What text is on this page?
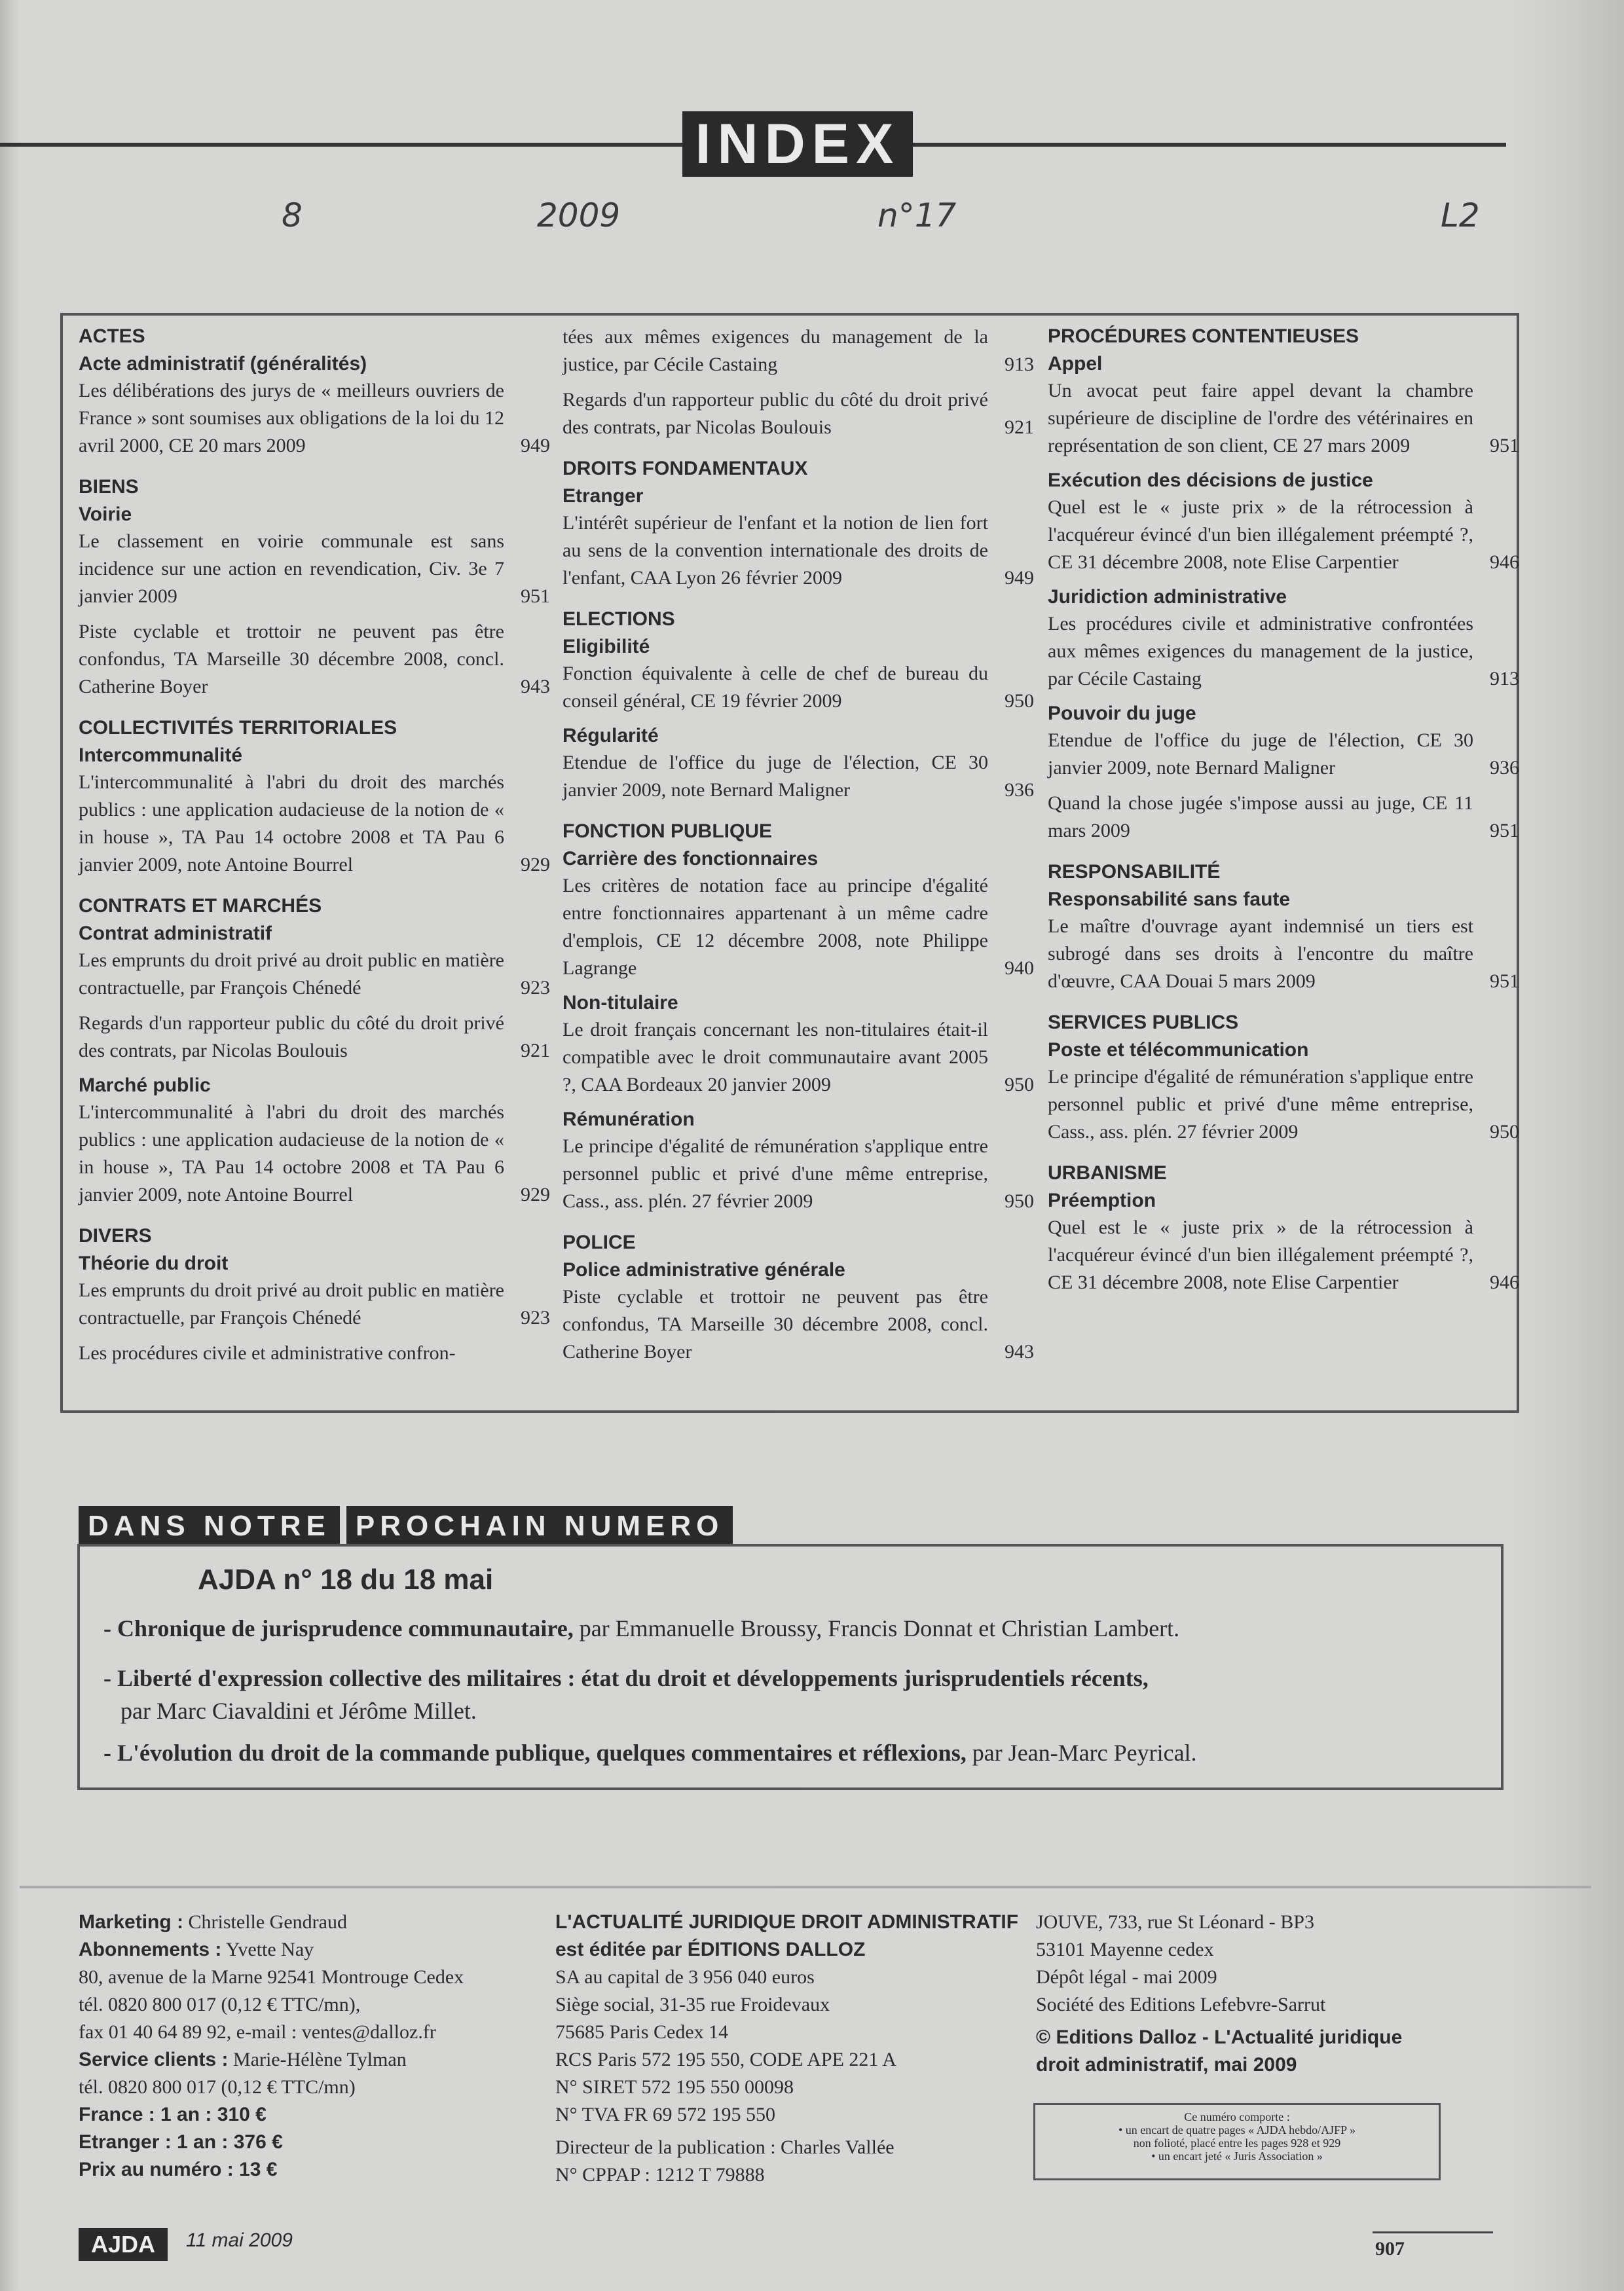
INDEX
8	2009	n°17	L2
ACTES
Acte administratif (généralités)
Les délibérations des jurys de « meilleurs ouvriers de France » sont soumises aux obligations de la loi du 12 avril 2000, CE 20 mars 2009	949
BIENS
Voirie
Le classement en voirie communale est sans incidence sur une action en revendication, Civ. 3e 7 janvier 2009	951
Piste cyclable et trottoir ne peuvent pas être confondus, TA Marseille 30 décembre 2008, concl. Catherine Boyer	943
COLLECTIVITÉS TERRITORIALES
Intercommunalité
L'intercommunalité à l'abri du droit des marchés publics : une application audacieuse de la notion de « in house », TA Pau 14 octobre 2008 et TA Pau 6 janvier 2009, note Antoine Bourrel	929
CONTRATS ET MARCHÉS
Contrat administratif
Les emprunts du droit privé au droit public en matière contractuelle, par François Chénedé	923
Regards d'un rapporteur public du côté du droit privé des contrats, par Nicolas Boulouis	921
Marché public
L'intercommunalité à l'abri du droit des marchés publics : une application audacieuse de la notion de « in house », TA Pau 14 octobre 2008 et TA Pau 6 janvier 2009, note Antoine Bourrel	929
DIVERS
Théorie du droit
Les emprunts du droit privé au droit public en matière contractuelle, par François Chénedé	923
Les procédures civile et administrative confron-
tées aux mêmes exigences du management de la justice, par Cécile Castaing	913
Regards d'un rapporteur public du côté du droit privé des contrats, par Nicolas Boulouis	921
DROITS FONDAMENTAUX
Etranger
L'intérêt supérieur de l'enfant et la notion de lien fort au sens de la convention internationale des droits de l'enfant, CAA Lyon 26 février 2009	949
ELECTIONS
Eligibilité
Fonction équivalente à celle de chef de bureau du conseil général, CE 19 février 2009	950
Régularité
Etendue de l'office du juge de l'élection, CE 30 janvier 2009, note Bernard Maligner	936
FONCTION PUBLIQUE
Carrière des fonctionnaires
Les critères de notation face au principe d'égalité entre fonctionnaires appartenant à un même cadre d'emplois, CE 12 décembre 2008, note Philippe Lagrange	940
Non-titulaire
Le droit français concernant les non-titulaires était-il compatible avec le droit communautaire avant 2005 ?, CAA Bordeaux 20 janvier 2009	950
Rémunération
Le principe d'égalité de rémunération s'applique entre personnel public et privé d'une même entreprise, Cass., ass. plén. 27 février 2009	950
POLICE
Police administrative générale
Piste cyclable et trottoir ne peuvent pas être confondus, TA Marseille 30 décembre 2008, concl. Catherine Boyer	943
PROCÉDURES CONTENTIEUSES
Appel
Un avocat peut faire appel devant la chambre supérieure de discipline de l'ordre des vétérinaires en représentation de son client, CE 27 mars 2009	951
Exécution des décisions de justice
Quel est le « juste prix » de la rétrocession à l'acquéreur évincé d'un bien illégalement préempté ?, CE 31 décembre 2008, note Elise Carpentier	946
Juridiction administrative
Les procédures civile et administrative confrontées aux mêmes exigences du management de la justice, par Cécile Castaing	913
Pouvoir du juge
Etendue de l'office du juge de l'élection, CE 30 janvier 2009, note Bernard Maligner	936
Quand la chose jugée s'impose aussi au juge, CE 11 mars 2009	951
RESPONSABILITÉ
Responsabilité sans faute
Le maître d'ouvrage ayant indemnisé un tiers est subrogé dans ses droits à l'encontre du maître d'œuvre, CAA Douai 5 mars 2009	951
SERVICES PUBLICS
Poste et télécommunication
Le principe d'égalité de rémunération s'applique entre personnel public et privé d'une même entreprise, Cass., ass. plén. 27 février 2009	950
URBANISME
Préemption
Quel est le « juste prix » de la rétrocession à l'acquéreur évincé d'un bien illégalement préempté ?, CE 31 décembre 2008, note Elise Carpentier	946
DANS NOTRE PROCHAIN NUMERO
AJDA n° 18 du 18 mai
- Chronique de jurisprudence communautaire, par Emmanuelle Broussy, Francis Donnat et Christian Lambert.
- Liberté d'expression collective des militaires : état du droit et développements jurisprudentiels récents,
par Marc Ciavaldini et Jérôme Millet.
- L'évolution du droit de la commande publique, quelques commentaires et réflexions, par Jean-Marc Peyrical.
Marketing : Christelle Gendraud
Abonnements : Yvette Nay
80, avenue de la Marne 92541 Montrouge Cedex
tél. 0820 800 017 (0,12 € TTC/mn),
fax 01 40 64 89 92, e-mail : ventes@dalloz.fr
Service clients : Marie-Hélène Tylman
tél. 0820 800 017 (0,12 € TTC/mn)
France : 1 an : 310 €
Etranger : 1 an : 376 €
Prix au numéro : 13 €
L'ACTUALITÉ JURIDIQUE DROIT ADMINISTRATIF
est éditée par ÉDITIONS DALLOZ
SA au capital de 3 956 040 euros
Siège social, 31-35 rue Froidevaux
75685 Paris Cedex 14
RCS Paris 572 195 550, CODE APE 221 A
N° SIRET 572 195 550 00098
N° TVA FR 69 572 195 550
Directeur de la publication : Charles Vallée
N° CPPAP : 1212 T 79888
JOUVE, 733, rue St Léonard - BP3
53101 Mayenne cedex
Dépôt légal - mai 2009
Société des Editions Lefebvre-Sarrut
© Editions Dalloz - L'Actualité juridique
droit administratif, mai 2009
Ce numéro comporte :
• un encart de quatre pages « AJDA hebdo/AJFP »
non folioté, placé entre les pages 928 et 929
• un encart jeté « Juris Association »
AJDA	11 mai 2009	907
